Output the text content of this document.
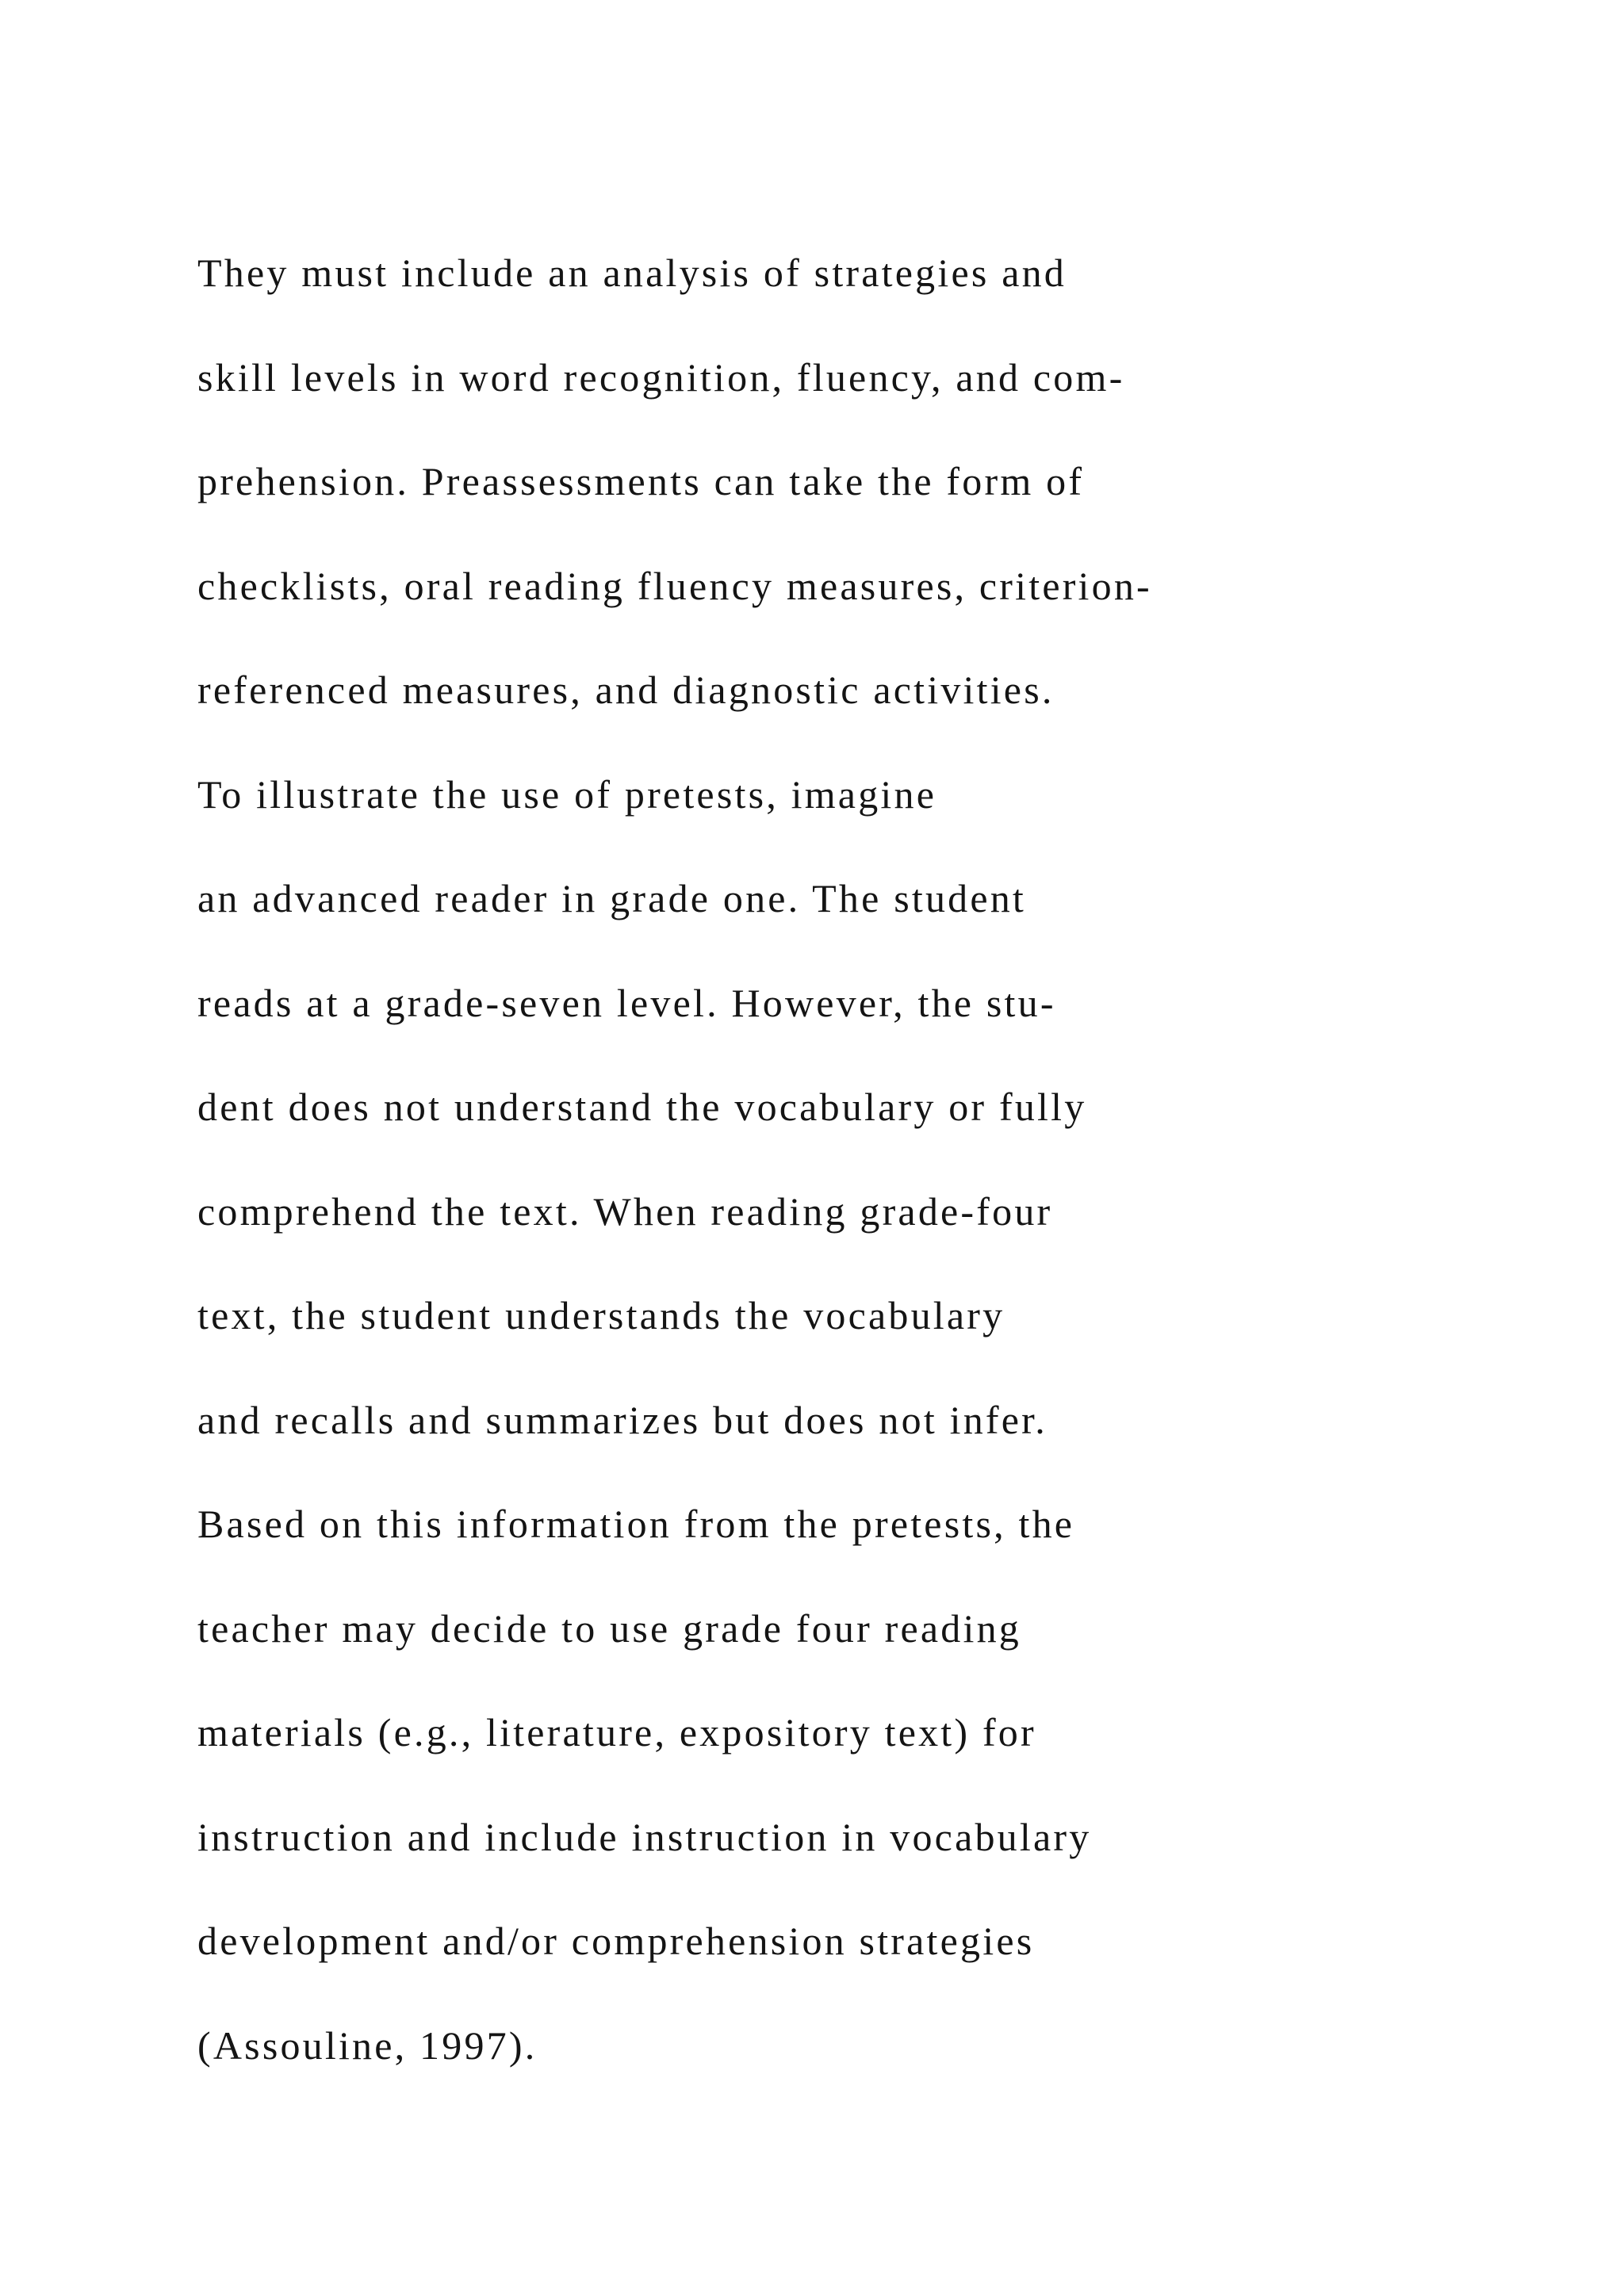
They must include an analysis of strategies and
skill levels in word recognition, fluency, and com-
prehension. Preassessments can take the form of
checklists, oral reading fluency measures, criterion-
referenced measures, and diagnostic activities.
To illustrate the use of pretests, imagine
an advanced reader in grade one. The student
reads at a grade-seven level. However, the stu-
dent does not understand the vocabulary or fully
comprehend the text. When reading grade-four
text, the student understands the vocabulary
and recalls and summarizes but does not infer.
Based on this information from the pretests, the
teacher may decide to use grade four reading
materials (e.g., literature, expository text) for
instruction and include instruction in vocabulary
development and/or comprehension strategies
(Assouline, 1997).
